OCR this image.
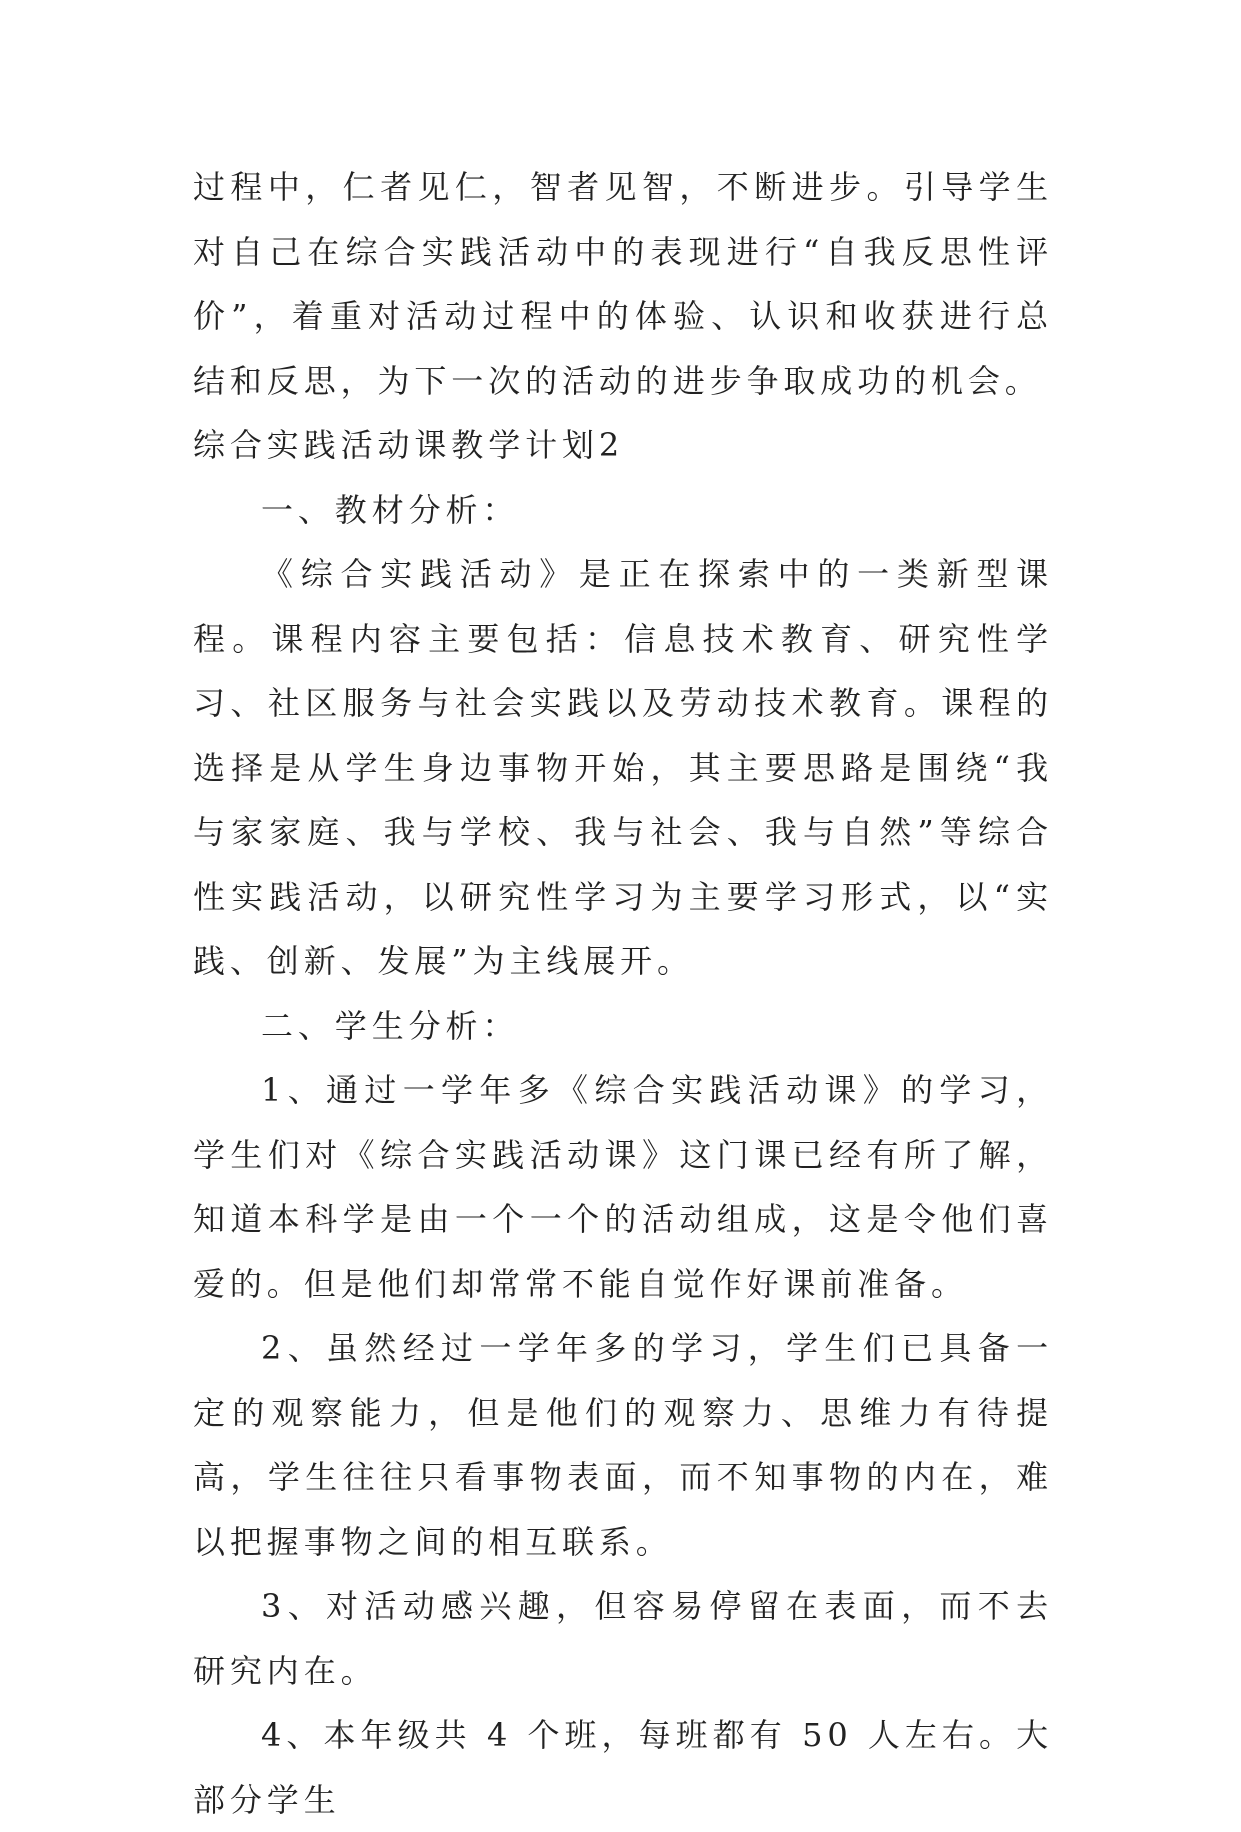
过程中，仁者见仁，智者见智，不断进步。引导学生对自己在综合实践活动中的表现进行“自我反思性评价”，着重对活动过程中的体验、认识和收获进行总结和反思，为下一次的活动的进步争取成功的机会。

综合实践活动课教学计划2

一、教材分析：

《综合实践活动》是正在探索中的一类新型课程。课程内容主要包括：信息技术教育、研究性学习、社区服务与社会实践以及劳动技术教育。课程的选择是从学生身边事物开始，其主要思路是围绕“我与家家庭、我与学校、我与社会、我与自然”等综合性实践活动，以研究性学习为主要学习形式，以“实践、创新、发展”为主线展开。

二、学生分析：

1、通过一学年多《综合实践活动课》的学习，学生们对《综合实践活动课》这门课已经有所了解，知道本科学是由一个一个的活动组成，这是令他们喜爱的。但是他们却常常不能自觉作好课前准备。

2、虽然经过一学年多的学习，学生们已具备一定的观察能力，但是他们的观察力、思维力有待提高，学生往往只看事物表面，而不知事物的内在，难以把握事物之间的相互联系。

3、对活动感兴趣，但容易停留在表面，而不去研究内在。

4、本年级共 4 个班，每班都有 50 人左右。大部分学生
